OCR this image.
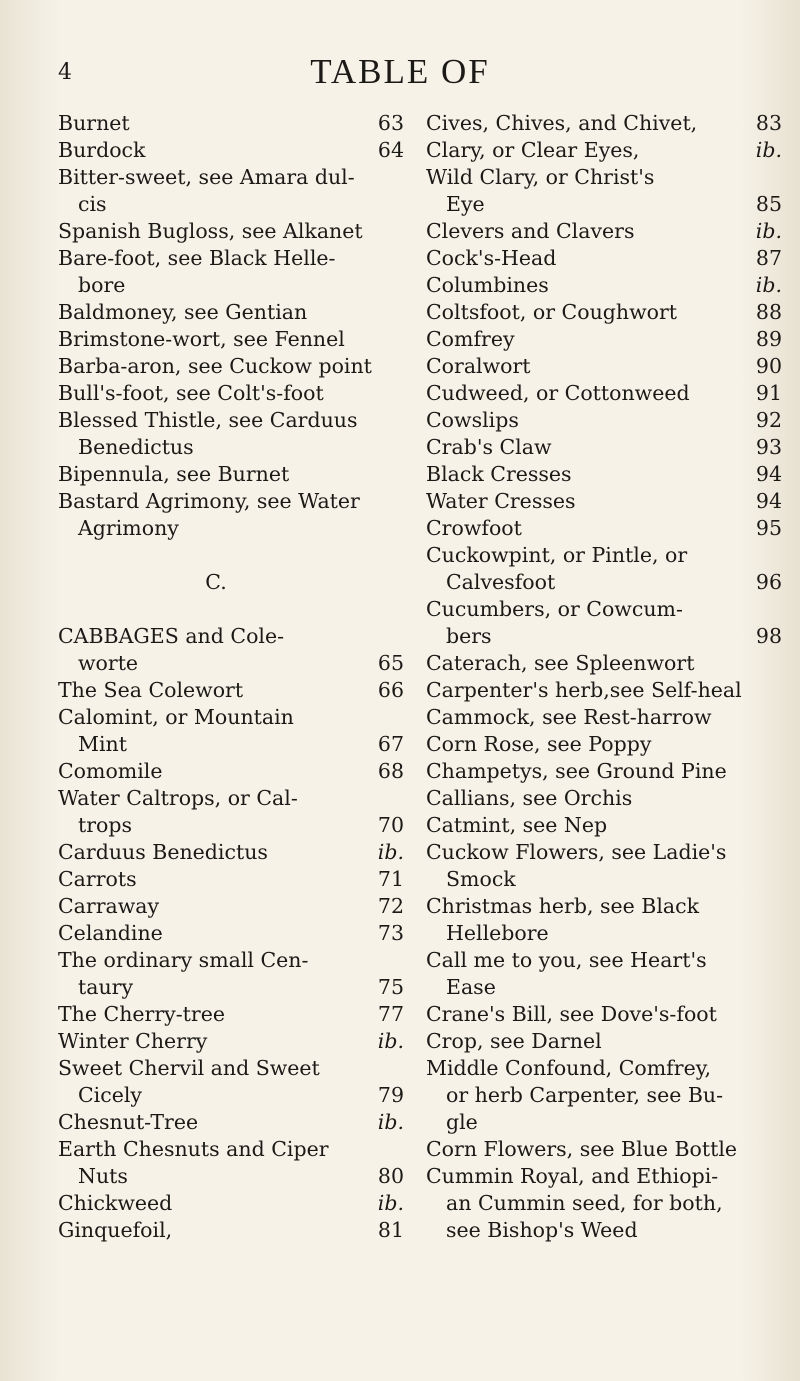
4	TABLE OF
Burnet	63
Burdock	64
Bitter-sweet, see Amara dul-
cis
Spanish Bugloss, see Alkanet
Bare-foot, see Black Helle-
bore
Baldmoney, see Gentian
Brimstone-wort, see Fennel
Barba-aron, see Cuckow point
Bull's-foot, see Colt's-foot
Blessed Thistle, see Carduus
Benedictus
Bipennula, see Burnet
Bastard Agrimony, see Water
Agrimony
C.
CABBAGES and Cole-
worte	65
The Sea Colewort	66
Calomint, or Mountain
Mint	67
Comomile	68
Water Caltrops, or Cal-
trops	70
Carduus Benedictus	ib.
Carrots	71
Carraway	72
Celandine	73
The ordinary small Cen-
taury	75
The Cherry-tree	77
Winter Cherry	ib.
Sweet Chervil and Sweet
Cicely	79
Chesnut-Tree	ib.
Earth Chesnuts and Ciper
Nuts	80
Chickweed	ib.
Ginquefoil,	81
Cives, Chives, and Chivet,	83
Clary, or Clear Eyes,	ib.
Wild Clary, or Christ's
Eye	85
Clevers and Clavers	ib.
Cock's-Head	87
Columbines	ib.
Coltsfoot, or Coughwort	88
Comfrey	89
Coralwort	90
Cudweed, or Cottonweed	91
Cowslips	92
Crab's Claw	93
Black Cresses	94
Water Cresses	94
Crowfoot	95
Cuckowpint, or Pintle, or
Calvesfoot	96
Cucumbers, or Cowcum-
bers	98
Caterach, see Spleenwort
Carpenter's herb,see Self-heal
Cammock, see Rest-harrow
Corn Rose, see Poppy
Champetys, see Ground Pine
Callians, see Orchis
Catmint, see Nep
Cuckow Flowers, see Ladie's
Smock
Christmas herb, see Black
Hellebore
Call me to you, see Heart's
Ease
Crane's Bill, see Dove's-foot
Crop, see Darnel
Middle Confound, Comfrey,
or herb Carpenter, see Bu-
gle
Corn Flowers, see Blue Bottle
Cummin Royal, and Ethiopi-
an Cummin seed, for both,
see Bishop's Weed
